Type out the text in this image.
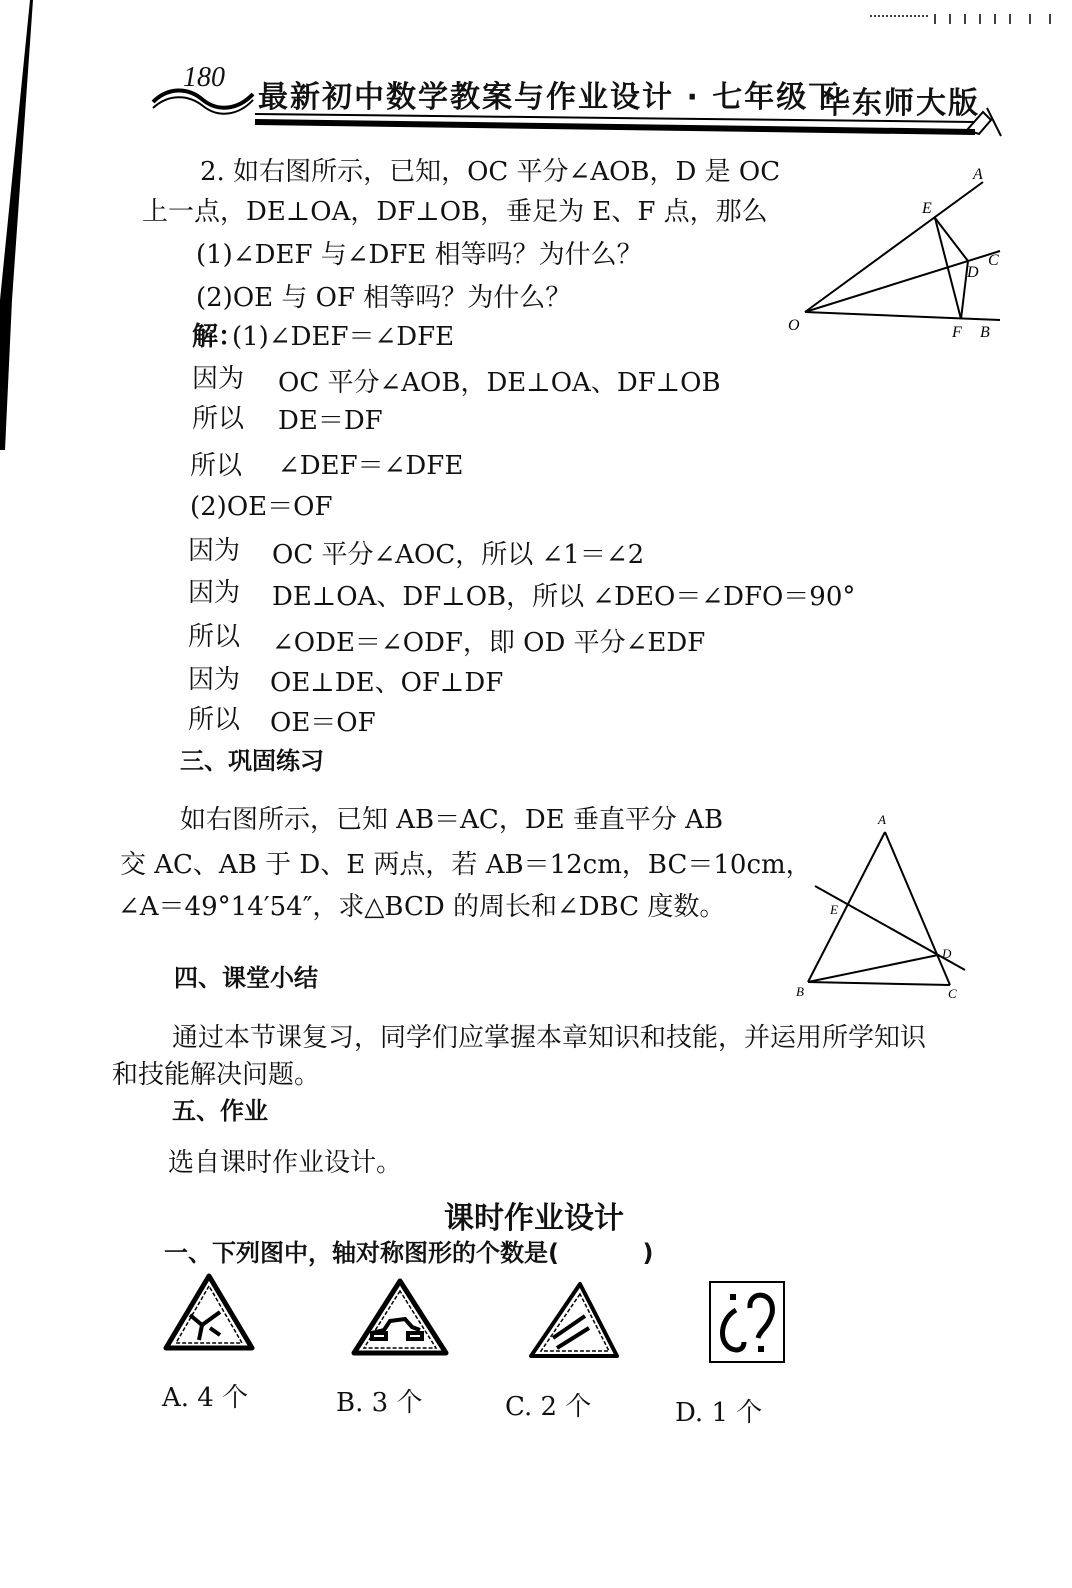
180
最新初中数学教案与作业设计 · 七年级下
华东师大版
2. 如右图所示，已知，OC 平分∠AOB，D 是 OC
上一点，DE⊥OA，DF⊥OB，垂足为 E、F 点，那么
(1)∠DEF 与∠DFE 相等吗？为什么？
(2)OE 与 OF 相等吗？为什么？
解：
(1)∠DEF＝∠DFE
因为 OC 平分∠AOB，DE⊥OA、DF⊥OB
所以 DE＝DF
所以 ∠DEF＝∠DFE
(2)OE＝OF
因为 OC 平分∠AOC，所以 ∠1＝∠2
因为 DE⊥OA、DF⊥OB，所以 ∠DEO＝∠DFO＝90°
所以 ∠ODE＝∠ODF，即 OD 平分∠EDF
因为 OE⊥DE、OF⊥DF
所以 OE＝OF
A
E
C
D
O	F B
三、巩固练习
如右图所示，已知 AB＝AC，DE 垂直平分 AB
交 AC、AB 于 D、E 两点，若 AB＝12cm，BC＝10cm，
∠A＝49°14′54″，求△BCD 的周长和∠DBC 度数。
A
E
D
B	C
四、课堂小结
通过本节课复习，同学们应掌握本章知识和技能，并运用所学知识
和技能解决问题。
五、作业
选自课时作业设计。
课时作业设计
一、下列图中，轴对称图形的个数是(          )
A. 4 个	B. 3 个	C. 2 个	D. 1 个
